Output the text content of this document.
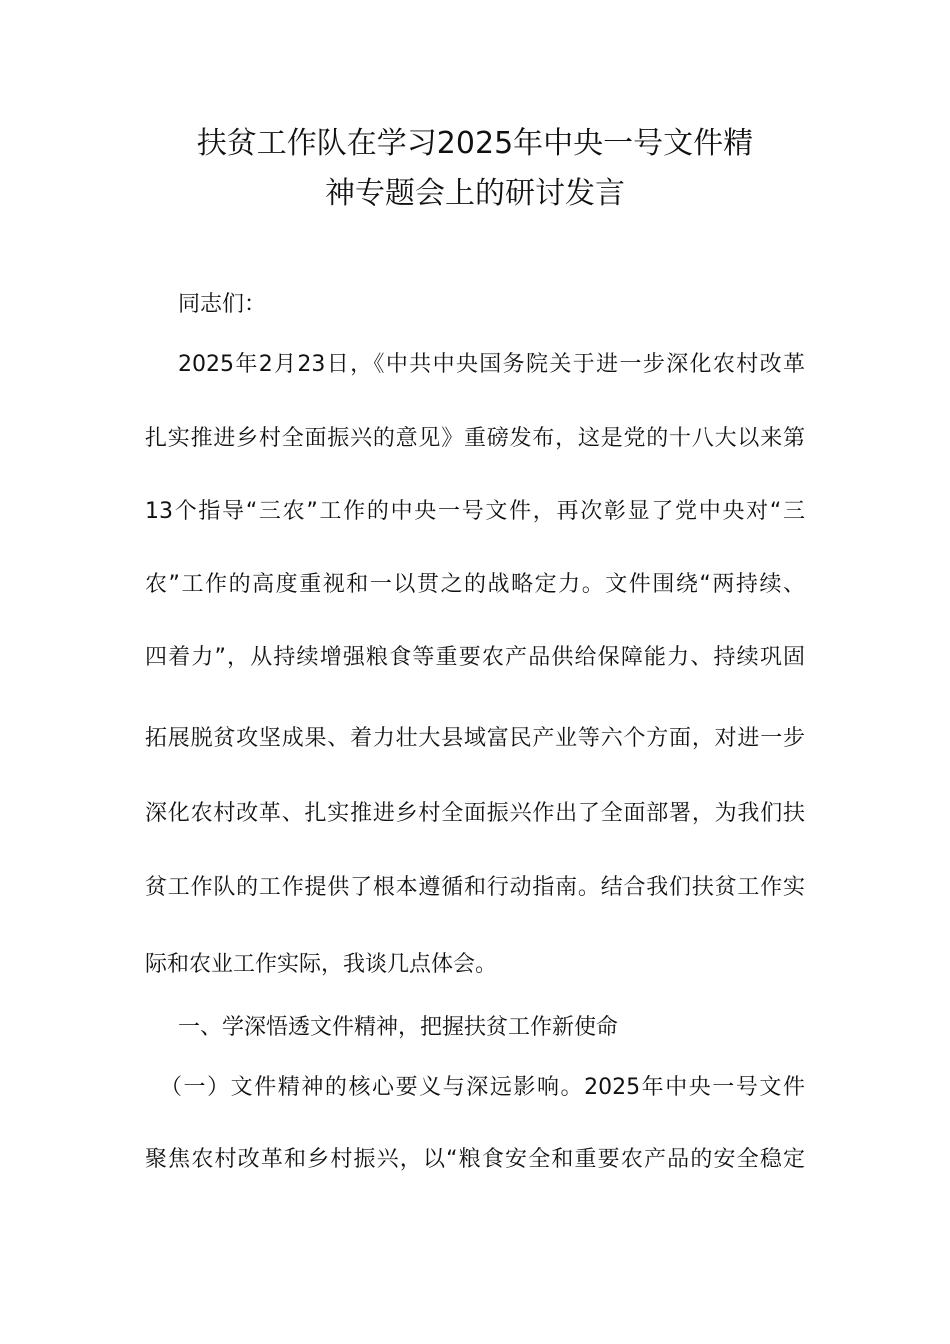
扶贫工作队在学习2025年中央一号文件精
神专题会上的研讨发言
同志们：
2025年2月23日，《中共中央国务院关于进一步深化农村改革
扎实推进乡村全面振兴的意见》重磅发布，这是党的十八大以来第
13个指导“三农”工作的中央一号文件，再次彰显了党中央对“三
农”工作的高度重视和一以贯之的战略定力。文件围绕“两持续、
四着力”，从持续增强粮食等重要农产品供给保障能力、持续巩固
拓展脱贫攻坚成果、着力壮大县域富民产业等六个方面，对进一步
深化农村改革、扎实推进乡村全面振兴作出了全面部署，为我们扶
贫工作队的工作提供了根本遵循和行动指南。结合我们扶贫工作实
际和农业工作实际，我谈几点体会。
一、学深悟透文件精神，把握扶贫工作新使命
（一）文件精神的核心要义与深远影响。2025年中央一号文件
聚焦农村改革和乡村振兴，以“粮食安全和重要农产品的安全稳定
